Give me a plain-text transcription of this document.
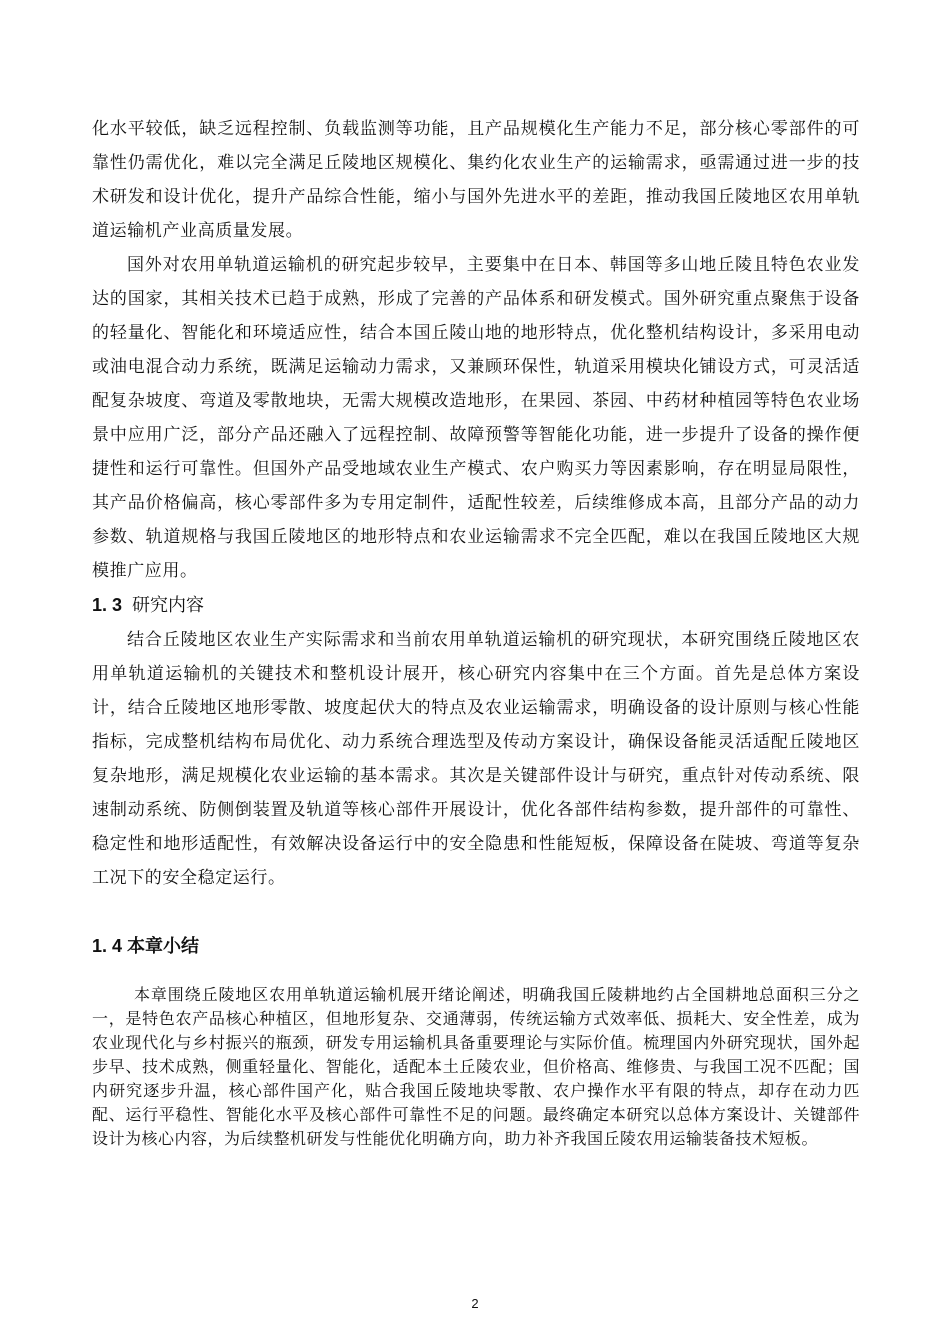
化水平较低，缺乏远程控制、负载监测等功能，且产品规模化生产能力不足，部分核心零部件的可靠性仍需优化，难以完全满足丘陵地区规模化、集约化农业生产的运输需求，亟需通过进一步的技术研发和设计优化，提升产品综合性能，缩小与国外先进水平的差距，推动我国丘陵地区农用单轨道运输机产业高质量发展。

国外对农用单轨道运输机的研究起步较早，主要集中在日本、韩国等多山地丘陵且特色农业发达的国家，其相关技术已趋于成熟，形成了完善的产品体系和研发模式。国外研究重点聚焦于设备的轻量化、智能化和环境适应性，结合本国丘陵山地的地形特点，优化整机结构设计，多采用电动或油电混合动力系统，既满足运输动力需求，又兼顾环保性，轨道采用模块化铺设方式，可灵活适配复杂坡度、弯道及零散地块，无需大规模改造地形，在果园、茶园、中药材种植园等特色农业场景中应用广泛，部分产品还融入了远程控制、故障预警等智能化功能，进一步提升了设备的操作便捷性和运行可靠性。但国外产品受地域农业生产模式、农户购买力等因素影响，存在明显局限性，其产品价格偏高，核心零部件多为专用定制件，适配性较差，后续维修成本高，且部分产品的动力参数、轨道规格与我国丘陵地区的地形特点和农业运输需求不完全匹配，难以在我国丘陵地区大规模推广应用。

1. 3 研究内容

结合丘陵地区农业生产实际需求和当前农用单轨道运输机的研究现状，本研究围绕丘陵地区农用单轨道运输机的关键技术和整机设计展开，核心研究内容集中在三个方面。首先是总体方案设计，结合丘陵地区地形零散、坡度起伏大的特点及农业运输需求，明确设备的设计原则与核心性能指标，完成整机结构布局优化、动力系统合理选型及传动方案设计，确保设备能灵活适配丘陵地区复杂地形，满足规模化农业运输的基本需求。其次是关键部件设计与研究，重点针对传动系统、限速制动系统、防侧倒装置及轨道等核心部件开展设计，优化各部件结构参数，提升部件的可靠性、稳定性和地形适配性，有效解决设备运行中的安全隐患和性能短板，保障设备在陡坡、弯道等复杂工况下的安全稳定运行。

1. 4 本章小结

本章围绕丘陵地区农用单轨道运输机展开绪论阐述，明确我国丘陵耕地约占全国耕地总面积三分之一，是特色农产品核心种植区，但地形复杂、交通薄弱，传统运输方式效率低、损耗大、安全性差，成为农业现代化与乡村振兴的瓶颈，研发专用运输机具备重要理论与实际价值。梳理国内外研究现状，国外起步早、技术成熟，侧重轻量化、智能化，适配本土丘陵农业，但价格高、维修贵、与我国工况不匹配；国内研究逐步升温，核心部件国产化，贴合我国丘陵地块零散、农户操作水平有限的特点，却存在动力匹配、运行平稳性、智能化水平及核心部件可靠性不足的问题。最终确定本研究以总体方案设计、关键部件设计为核心内容，为后续整机研发与性能优化明确方向，助力补齐我国丘陵农用运输装备技术短板。

2
